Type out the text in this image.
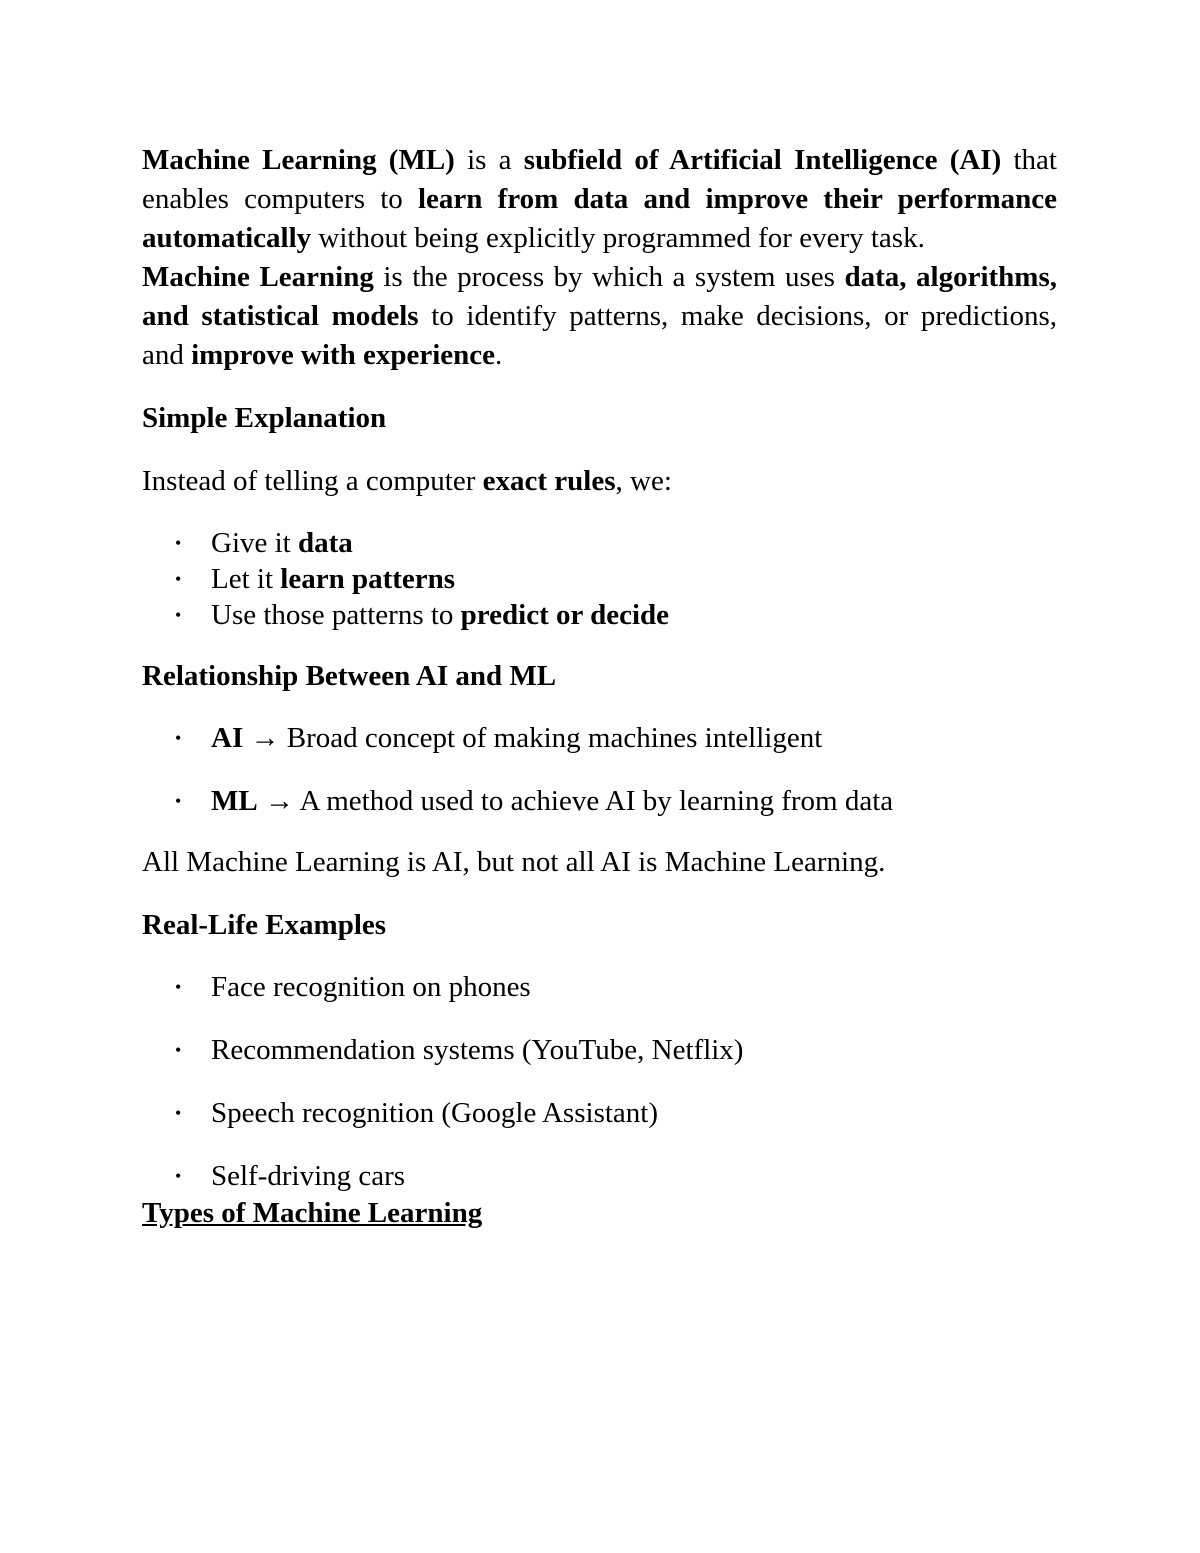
Machine Learning (ML) is a subfield of Artificial Intelligence (AI) that enables computers to learn from data and improve their performance automatically without being explicitly programmed for every task.

Machine Learning is the process by which a system uses data, algorithms, and statistical models to identify patterns, make decisions, or predictions, and improve with experience.

Simple Explanation

Instead of telling a computer exact rules, we:

• Give it data
• Let it learn patterns
• Use those patterns to predict or decide
Relationship Between AI and ML
• AI → Broad concept of making machines intelligent
• ML → A method used to achieve AI by learning from data

All Machine Learning is AI, but not all AI is Machine Learning.

Real-Life Examples
• Face recognition on phones
• Recommendation systems (YouTube, Netflix)
• Speech recognition (Google Assistant)
• Self-driving cars
Types of Machine Learning
